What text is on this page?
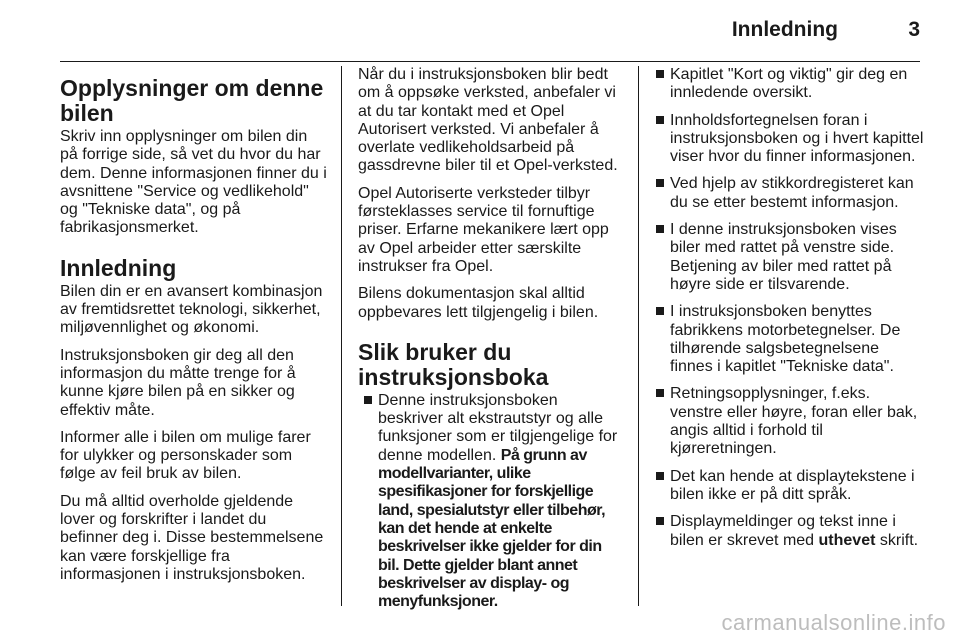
Innledning	3
Opplysninger om denne bilen

Skriv inn opplysninger om bilen din på forrige side, så vet du hvor du har dem. Denne informasjonen finner du i avsnittene "Service og vedlikehold" og "Tekniske data", og på fabrikasjonsmerket.

Innledning

Bilen din er en avansert kombinasjon av fremtidsrettet teknologi, sikkerhet, miljøvennlighet og økonomi.

Instruksjonsboken gir deg all den informasjon du måtte trenge for å kunne kjøre bilen på en sikker og effektiv måte.

Informer alle i bilen om mulige farer for ulykker og personskader som følge av feil bruk av bilen.

Du må alltid overholde gjeldende lover og forskrifter i landet du befinner deg i. Disse bestemmelsene kan være forskjellige fra informasjonen i instruksjonsboken.

Når du i instruksjonsboken blir bedt om å oppsøke verksted, anbefaler vi at du tar kontakt med et Opel Autorisert verksted. Vi anbefaler å overlate vedlikeholdsarbeid på gassdrevne biler til et Opel-verksted.

Opel Autoriserte verksteder tilbyr førsteklasses service til fornuftige priser. Erfarne mekanikere lært opp av Opel arbeider etter særskilte instrukser fra Opel.

Bilens dokumentasjon skal alltid oppbevares lett tilgjengelig i bilen.

Slik bruker du instruksjonsboka
Denne instruksjonsboken beskriver alt ekstrautstyr og alle funksjoner som er tilgjengelige for denne modellen. På grunn av modellvarianter, ulike spesifikasjoner for forskjellige land, spesialutstyr eller tilbehør, kan det hende at enkelte beskrivelser ikke gjelder for din bil. Dette gjelder blant annet beskrivelser av display- og menyfunksjoner.
Kapitlet "Kort og viktig" gir deg en innledende oversikt.
Innholdsfortegnelsen foran i instruksjonsboken og i hvert kapittel viser hvor du finner informasjonen.
Ved hjelp av stikkordregisteret kan du se etter bestemt informasjon.
I denne instruksjonsboken vises biler med rattet på venstre side. Betjening av biler med rattet på høyre side er tilsvarende.
I instruksjonsboken benyttes fabrikkens motorbetegnelser. De tilhørende salgsbetegnelsene finnes i kapitlet "Tekniske data".
Retningsopplysninger, f.eks. venstre eller høyre, foran eller bak, angis alltid i forhold til kjøreretningen.
Det kan hende at displaytekstene i bilen ikke er på ditt språk.
Displaymeldinger og tekst inne i bilen er skrevet med uthevet skrift.
carmanualsonline.info
